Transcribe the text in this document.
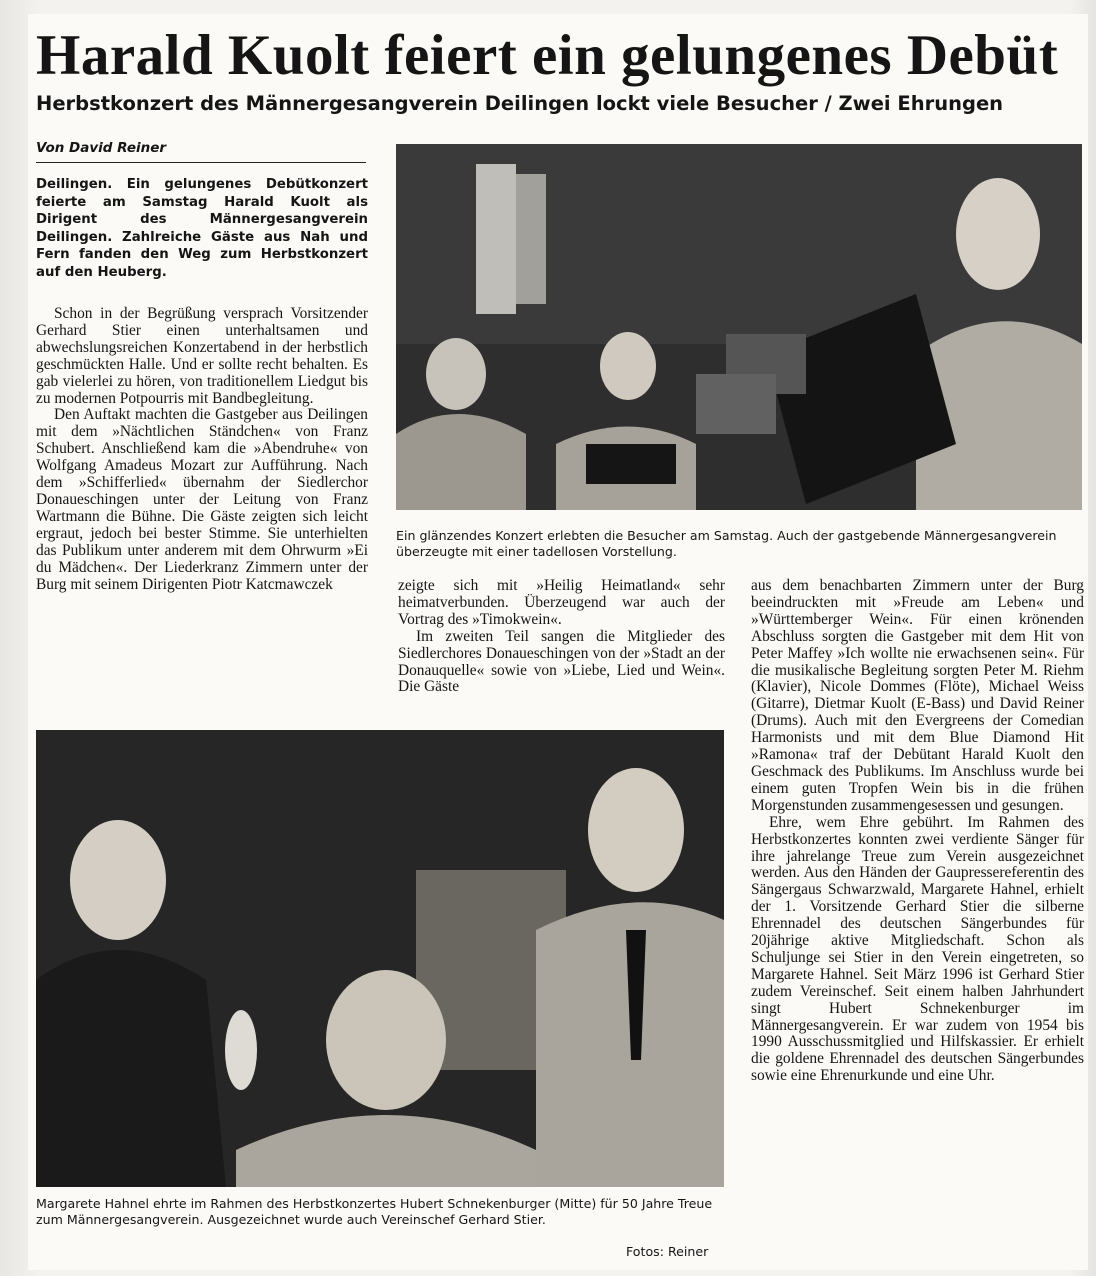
Harald Kuolt feiert ein gelungenes Debüt
Herbstkonzert des Männergesangverein Deilingen lockt viele Besucher / Zwei Ehrungen
Von David Reiner
Deilingen. Ein gelungenes Debütkonzert feierte am Samstag Harald Kuolt als Dirigent des Männergesangverein Deilingen. Zahlreiche Gäste aus Nah und Fern fanden den Weg zum Herbstkonzert auf den Heuberg.

Schon in der Begrüßung versprach Vorsitzender Gerhard Stier einen unterhaltsamen und abwechslungsreichen Konzertabend in der herbstlich geschmückten Halle. Und er sollte recht behalten. Es gab vielerlei zu hören, von traditionellem Liedgut bis zu modernen Potpourris mit Bandbegleitung.

Den Auftakt machten die Gastgeber aus Deilingen mit dem »Nächtlichen Ständchen« von Franz Schubert. Anschließend kam die »Abendruhe« von Wolfgang Amadeus Mozart zur Aufführung. Nach dem »Schifferlied« übernahm der Siedlerchor Donaueschingen unter der Leitung von Franz Wartmann die Bühne. Die Gäste zeigten sich leicht ergraut, jedoch bei bester Stimme. Sie unterhielten das Publikum unter anderem mit dem Ohrwurm »Ei du Mädchen«. Der Liederkranz Zimmern unter der Burg mit seinem Dirigenten Piotr Katcmawczek

Ein glänzendes Konzert erlebten die Besucher am Samstag. Auch der gastgebende Männergesangverein überzeugte mit einer tadellosen Vorstellung.

zeigte sich mit »Heilig Heimatland« sehr heimatverbunden. Überzeugend war auch der Vortrag des »Timokwein«.

Im zweiten Teil sangen die Mitglieder des Siedlerchores Donaueschingen von der »Stadt an der Donauquelle« sowie von »Liebe, Lied und Wein«. Die Gäste

aus dem benachbarten Zimmern unter der Burg beeindruckten mit »Freude am Leben« und »Württemberger Wein«. Für einen krönenden Abschluss sorgten die Gastgeber mit dem Hit von Peter Maffey »Ich wollte nie erwachsenen sein«. Für die musikalische Begleitung sorgten Peter M. Riehm (Klavier), Nicole Dommes (Flöte), Michael Weiss (Gitarre), Dietmar Kuolt (E-Bass) und David Reiner (Drums). Auch mit den Evergreens der Comedian Harmonists und mit dem Blue Diamond Hit »Ramona« traf der Debütant Harald Kuolt den Geschmack des Publikums. Im Anschluss wurde bei einem guten Tropfen Wein bis in die frühen Morgenstunden zusammengesessen und gesungen.

Ehre, wem Ehre gebührt. Im Rahmen des Herbstkonzertes konnten zwei verdiente Sänger für ihre jahrelange Treue zum Verein ausgezeichnet werden. Aus den Händen der Gaupressereferentin des Sängergaus Schwarzwald, Margarete Hahnel, erhielt der 1. Vorsitzende Gerhard Stier die silberne Ehrennadel des deutschen Sängerbundes für 20jährige aktive Mitgliedschaft. Schon als Schuljunge sei Stier in den Verein eingetreten, so Margarete Hahnel. Seit März 1996 ist Gerhard Stier zudem Vereinschef. Seit einem halben Jahrhundert singt Hubert Schnekenburger im Männergesangverein. Er war zudem von 1954 bis 1990 Ausschussmitglied und Hilfskassier. Er erhielt die goldene Ehrennadel des deutschen Sängerbundes sowie eine Ehrenurkunde und eine Uhr.

Margarete Hahnel ehrte im Rahmen des Herbstkonzertes Hubert Schnekenburger (Mitte) für 50 Jahre Treue zum Männergesangverein. Ausgezeichnet wurde auch Vereinschef Gerhard Stier.
Fotos: Reiner
